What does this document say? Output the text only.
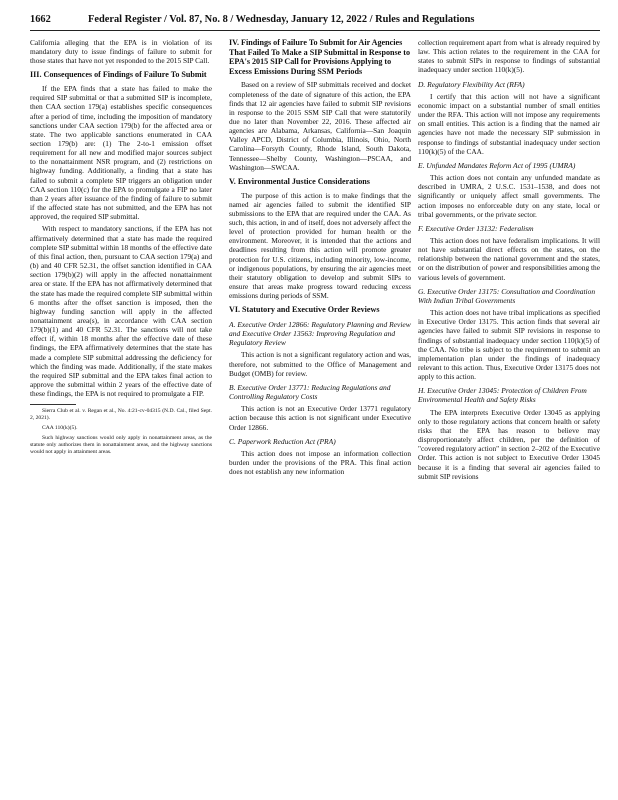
1662	Federal Register / Vol. 87, No. 8 / Wednesday, January 12, 2022 / Rules and Regulations

California alleging that the EPA is in violation of its mandatory duty to issue findings of failure to submit for those states that have not yet responded to the 2015 SIP Call.

III. Consequences of Findings of Failure To Submit

If the EPA finds that a state has failed to make the required SIP submittal or that a submitted SIP is incomplete, then CAA section 179(a) establishes specific consequences after a period of time, including the imposition of mandatory sanctions under CAA section 179(b) for the affected area or state. The two applicable sanctions enumerated in CAA section 179(b) are: (1) The 2-to-1 emission offset requirement for all new and modified major sources subject to the nonattainment NSR program, and (2) restrictions on highway funding. Additionally, a finding that a state has failed to submit a complete SIP triggers an obligation under CAA section 110(c) for the EPA to promulgate a FIP no later than 2 years after issuance of the finding of failure to submit if the affected state has not submitted, and the EPA has not approved, the required SIP submittal.

With respect to mandatory sanctions, if the EPA has not affirmatively determined that a state has made the required complete SIP submittal within 18 months of the effective date of this final action, then, pursuant to CAA section 179(a) and (b) and 40 CFR 52.31, the offset sanction identified in CAA section 179(b)(2) will apply in the affected nonattainment area or state. If the EPA has not affirmatively determined that the state has made the required complete SIP submittal within 6 months after the offset sanction is imposed, then the highway funding sanction will apply in the affected nonattainment area(s), in accordance with CAA section 179(b)(1) and 40 CFR 52.31. The sanctions will not take effect if, within 18 months after the effective date of these findings, the EPA affirmatively determines that the state has made a complete SIP submittal addressing the deficiency for which the finding was made. Additionally, if the state makes the required SIP submittal and the EPA takes final action to approve the submittal within 2 years of the effective date of these findings, the EPA is not required to promulgate a FIP.

Sierra Club et al. v. Regan et al., No. 4:21-cv-04315 (N.D. Cal., filed Sept. 2, 2021).

CAA 110(k)(5).

Such highway sanctions would only apply in nonattainment areas, as the statute only authorizes them in nonattainment areas, and the highway sanctions would not apply in attainment areas.

IV. Findings of Failure To Submit for Air Agencies That Failed To Make a SIP Submittal in Response to EPA's 2015 SIP Call for Provisions Applying to Excess Emissions During SSM Periods

Based on a review of SIP submittals received and docket completeness of the date of signature of this action, the EPA finds that 12 air agencies have failed to submit SIP revisions in response to the 2015 SSM SIP Call that were statutorily due no later than November 22, 2016. These affected air agencies are Alabama, Arkansas, California—San Joaquin Valley APCD, District of Columbia, Illinois, Ohio, North Carolina—Forsyth County, Rhode Island, South Dakota, Tennessee—Shelby County, Washington—PSCAA, and Washington—SWCAA.

V. Environmental Justice Considerations

The purpose of this action is to make findings that the named air agencies failed to submit the identified SIP submissions to the EPA that are required under the CAA. As such, this action, in and of itself, does not adversely affect the level of protection provided for human health or the environment. Moreover, it is intended that the actions and deadlines resulting from this action will promote greater protection for U.S. citizens, including minority, low-income, or indigenous populations, by ensuring the air agencies meet their statutory obligation to develop and submit SIPs to ensure that areas make progress toward reducing excess emissions during periods of SSM.

VI. Statutory and Executive Order Reviews
A. Executive Order 12866: Regulatory Planning and Review and Executive Order 13563: Improving Regulation and Regulatory Review

This action is not a significant regulatory action and was, therefore, not submitted to the Office of Management and Budget (OMB) for review.

B. Executive Order 13771: Reducing Regulations and Controlling Regulatory Costs

This action is not an Executive Order 13771 regulatory action because this action is not significant under Executive Order 12866.

C. Paperwork Reduction Act (PRA)

This action does not impose an information collection burden under the provisions of the PRA. This final action does not establish any new information

collection requirement apart from what is already required by law. This action relates to the requirement in the CAA for states to submit SIPs in response to findings of substantial inadequacy under section 110(k)(5).

D. Regulatory Flexibility Act (RFA)

I certify that this action will not have a significant economic impact on a substantial number of small entities under the RFA. This action will not impose any requirements on small entities. This action is a finding that the named air agencies have not made the necessary SIP submission in response to findings of substantial inadequacy under section 110(k)(5) of the CAA.

E. Unfunded Mandates Reform Act of 1995 (UMRA)

This action does not contain any unfunded mandate as described in UMRA, 2 U.S.C. 1531–1538, and does not significantly or uniquely affect small governments. The action imposes no enforceable duty on any state, local or tribal governments, or the private sector.

F. Executive Order 13132: Federalism

This action does not have federalism implications. It will not have substantial direct effects on the states, on the relationship between the national government and the states, or on the distribution of power and responsibilities among the various levels of government.

G. Executive Order 13175: Consultation and Coordination With Indian Tribal Governments

This action does not have tribal implications as specified in Executive Order 13175. This action finds that several air agencies have failed to submit SIP revisions in response to findings of substantial inadequacy under section 110(k)(5) of the CAA. No tribe is subject to the requirement to submit an implementation plan under the findings of inadequacy relevant to this action. Thus, Executive Order 13175 does not apply to this action.

H. Executive Order 13045: Protection of Children From Environmental Health and Safety Risks

The EPA interprets Executive Order 13045 as applying only to those regulatory actions that concern health or safety risks that the EPA has reason to believe may disproportionately affect children, per the definition of "covered regulatory action" in section 2–202 of the Executive Order. This action is not subject to Executive Order 13045 because it is a finding that several air agencies failed to submit SIP revisions
